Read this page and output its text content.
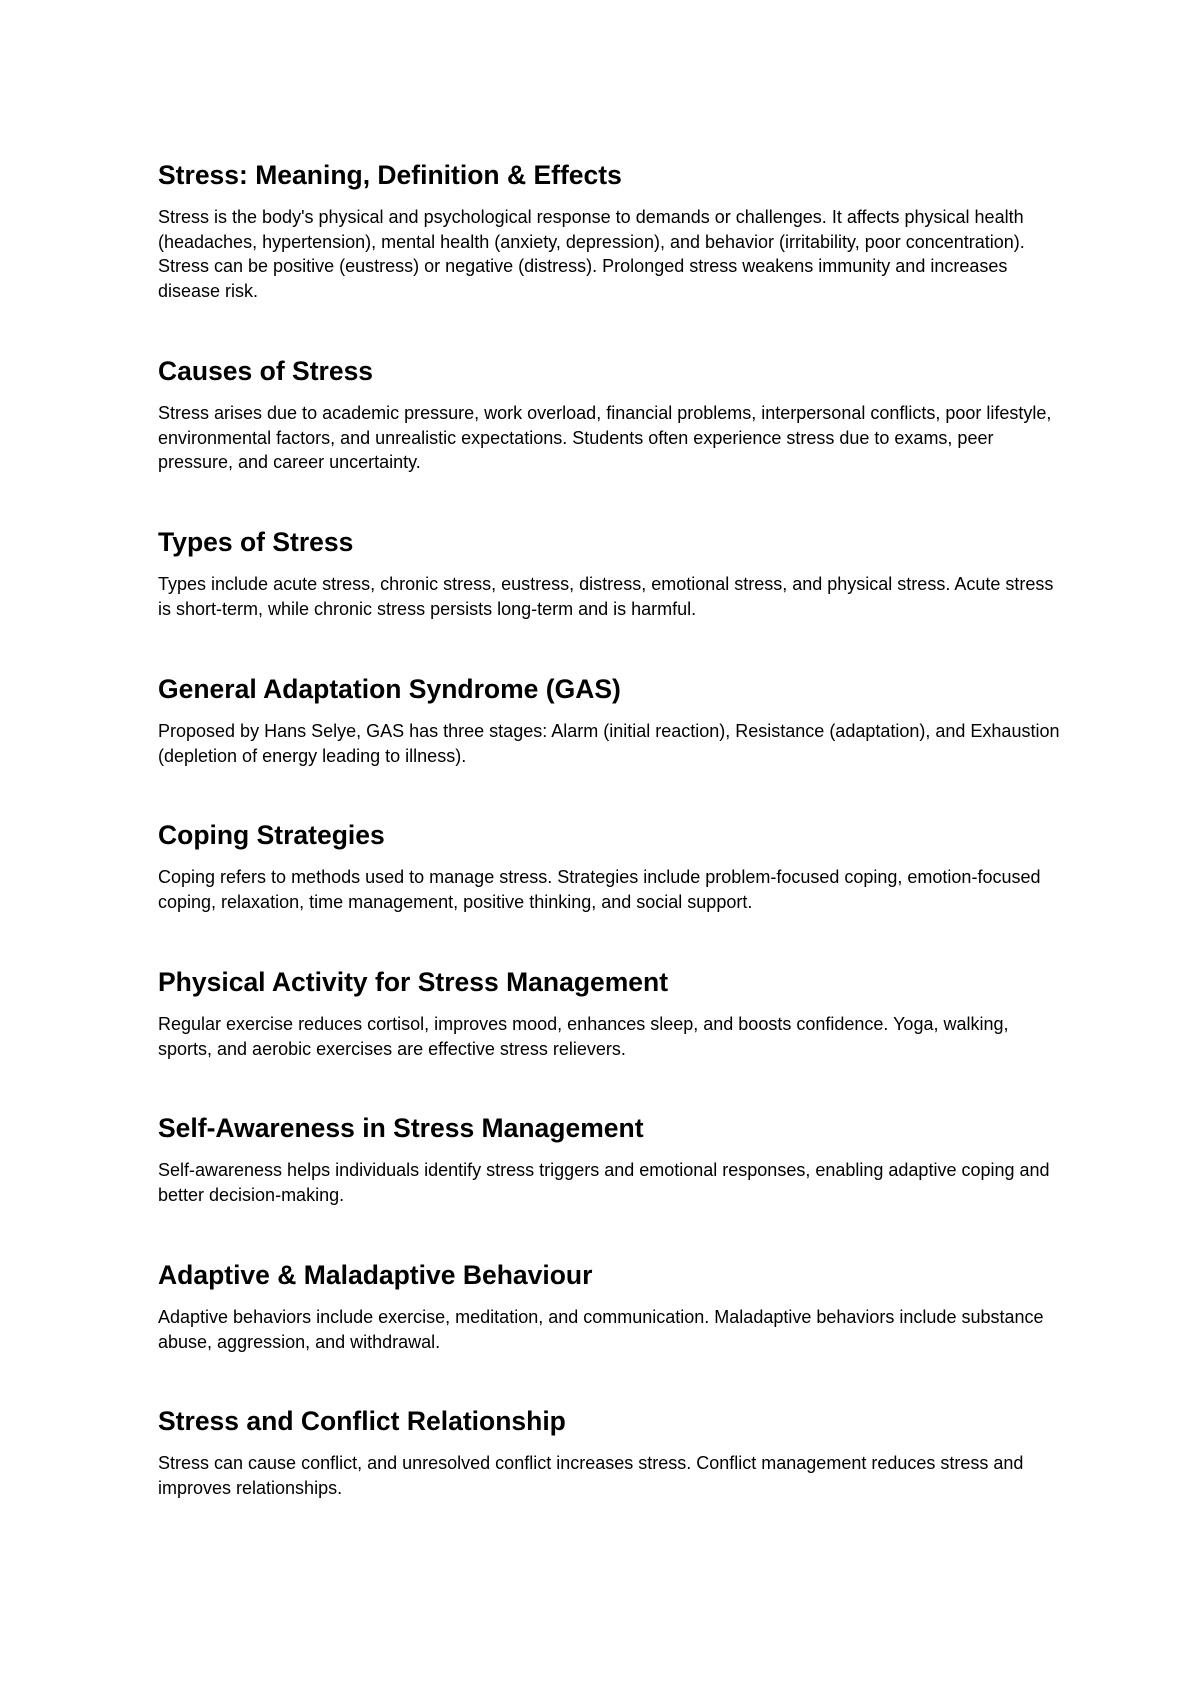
Stress: Meaning, Definition & Effects

Stress is the body's physical and psychological response to demands or challenges. It affects physical health (headaches, hypertension), mental health (anxiety, depression), and behavior (irritability, poor concentration). Stress can be positive (eustress) or negative (distress). Prolonged stress weakens immunity and increases disease risk.

Causes of Stress

Stress arises due to academic pressure, work overload, financial problems, interpersonal conflicts, poor lifestyle, environmental factors, and unrealistic expectations. Students often experience stress due to exams, peer pressure, and career uncertainty.

Types of Stress

Types include acute stress, chronic stress, eustress, distress, emotional stress, and physical stress. Acute stress is short-term, while chronic stress persists long-term and is harmful.

General Adaptation Syndrome (GAS)

Proposed by Hans Selye, GAS has three stages: Alarm (initial reaction), Resistance (adaptation), and Exhaustion (depletion of energy leading to illness).

Coping Strategies

Coping refers to methods used to manage stress. Strategies include problem-focused coping, emotion-focused coping, relaxation, time management, positive thinking, and social support.

Physical Activity for Stress Management

Regular exercise reduces cortisol, improves mood, enhances sleep, and boosts confidence. Yoga, walking, sports, and aerobic exercises are effective stress relievers.

Self-Awareness in Stress Management

Self-awareness helps individuals identify stress triggers and emotional responses, enabling adaptive coping and better decision-making.

Adaptive & Maladaptive Behaviour

Adaptive behaviors include exercise, meditation, and communication. Maladaptive behaviors include substance abuse, aggression, and withdrawal.

Stress and Conflict Relationship

Stress can cause conflict, and unresolved conflict increases stress. Conflict management reduces stress and improves relationships.
